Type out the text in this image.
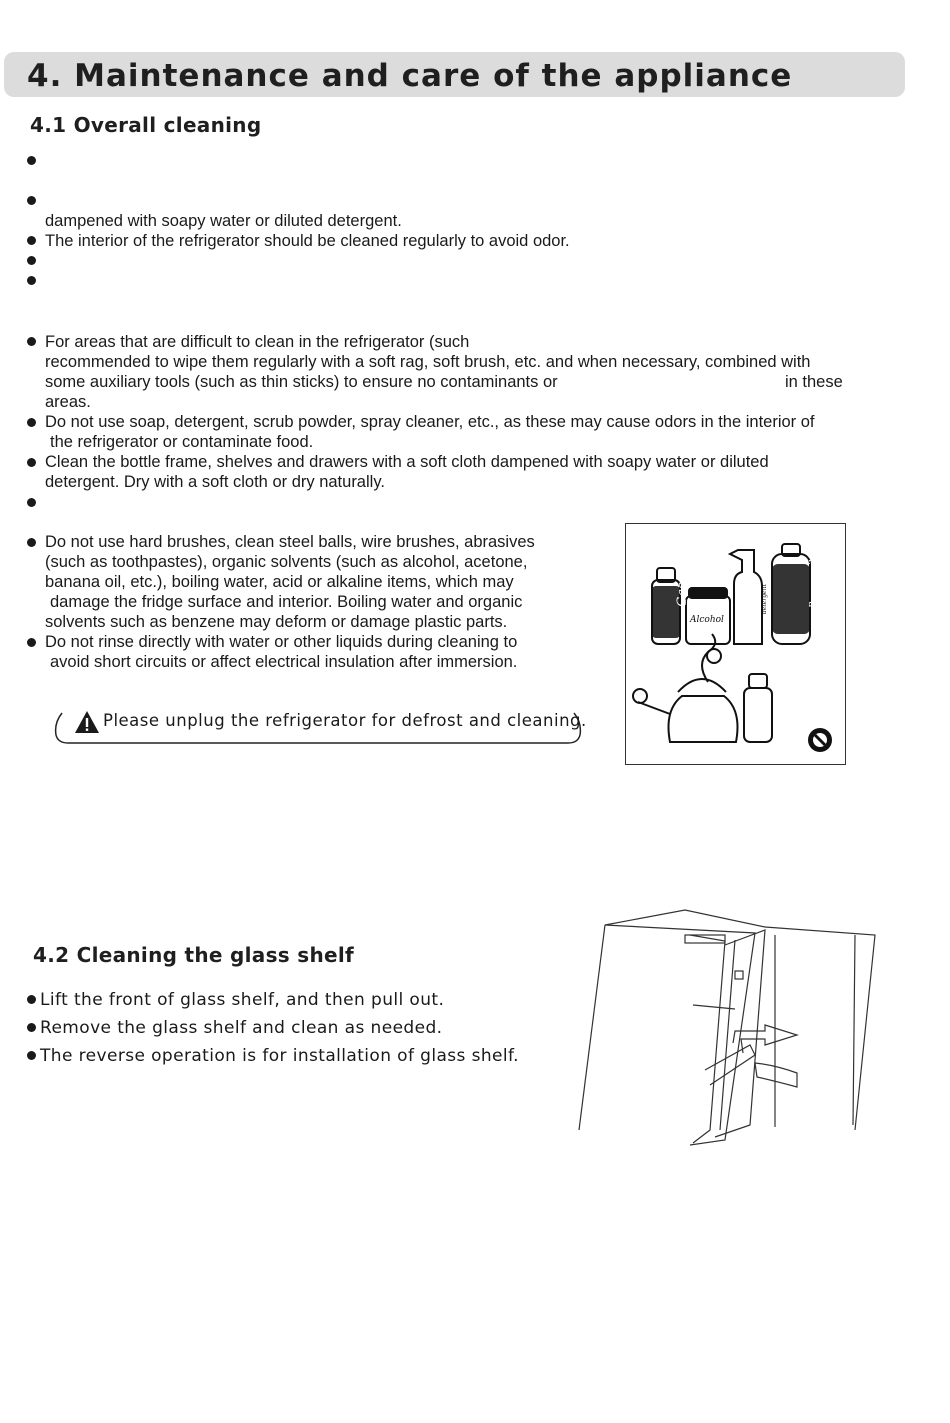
4. Maintenance and care of the appliance
4.1 Overall cleaning
dampened with soapy water or diluted detergent.
The interior of the refrigerator should be cleaned regularly to avoid odor.
For areas that are difficult to clean in the refrigerator (such
recommended to wipe them regularly with a soft rag, soft brush, etc. and when necessary, combined with
some auxiliary tools (such as thin sticks) to ensure no contaminants or	in these
areas.
Do not use soap, detergent, scrub powder, spray cleaner, etc., as these may cause odors in the interior of
the refrigerator or contaminate food.
Clean the bottle frame, shelves and drawers with a soft cloth dampened with soapy water or diluted
detergent. Dry with a soft cloth or dry naturally.
Do not use hard brushes, clean steel balls, wire brushes, abrasives
(such as toothpastes), organic solvents (such as alcohol, acetone,
banana oil, etc.), boiling water, acid or alkaline items, which may
damage the fridge surface and interior. Boiling water and organic
solvents such as benzene may deform or damage plastic parts.
Do not rinse directly with water or other liquids during cleaning to
avoid short circuits or affect electrical insulation after immersion.
Please unplug the refrigerator for defrost and cleaning.
Gas
Alcohol
detergent	Banana oil
4.2 Cleaning the glass shelf
Lift the front of glass shelf, and then pull out.
Remove the glass shelf and clean as needed.
The reverse operation is for installation of glass shelf.
